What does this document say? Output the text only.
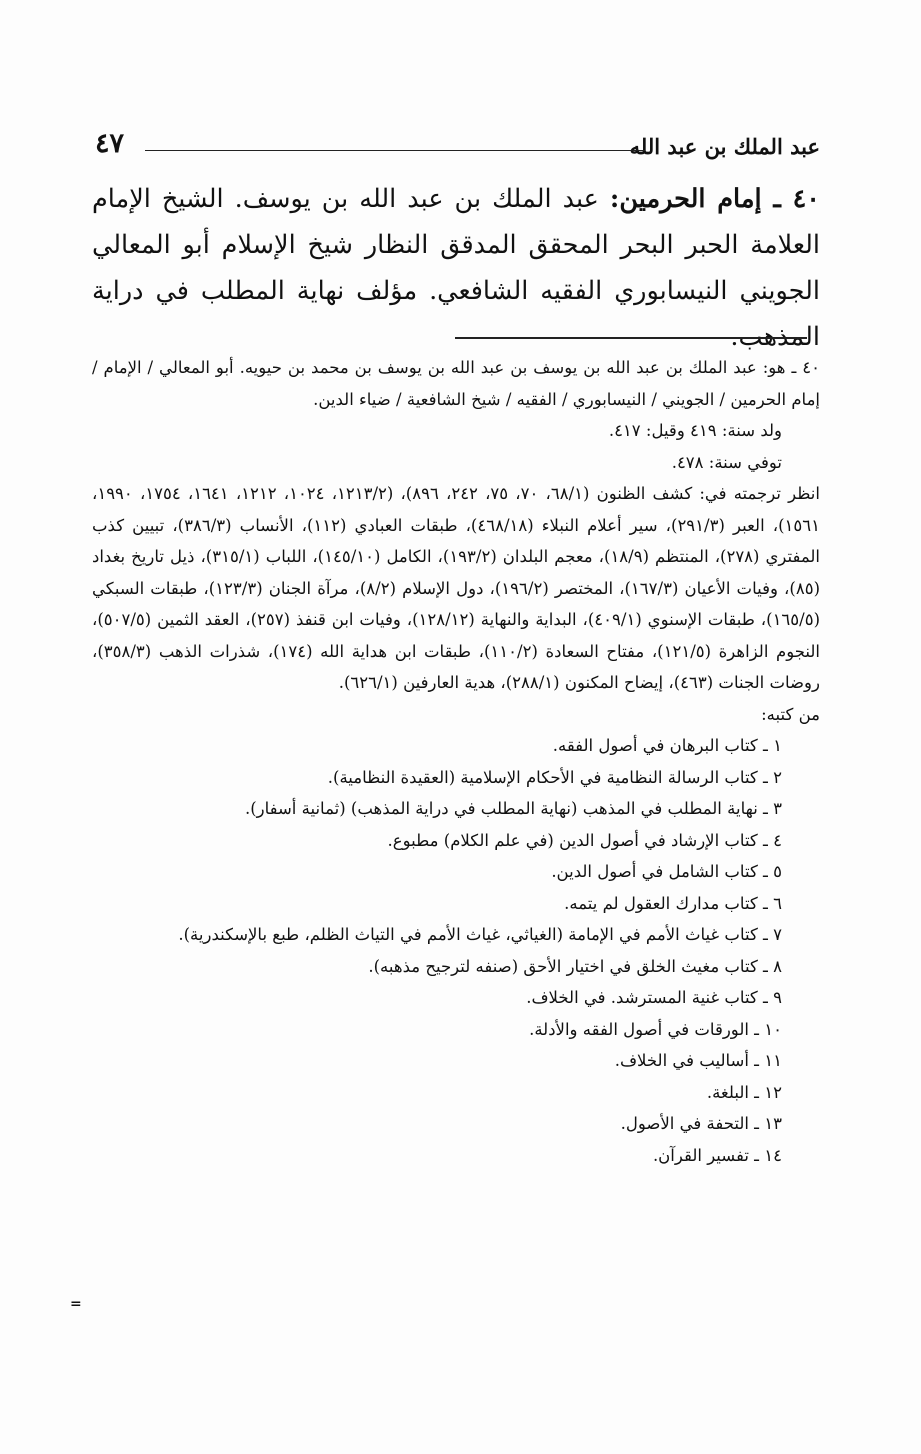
عبد الملك بن عبد الله
٤٧
٤٠ ـ إمام الحرمين: عبد الملك بن عبد الله بن يوسف. الشيخ الإمام العلامة الحبر البحر المحقق المدقق النظار شيخ الإسلام أبو المعالي الجويني النيسابوري الفقيه الشافعي. مؤلف نهاية المطلب في دراية المذهب.

٤٠ ـ هو: عبد الملك بن عبد الله بن يوسف بن عبد الله بن يوسف بن محمد بن حيويه. أبو المعالي / الإمام / إمام الحرمين / الجويني / النيسابوري / الفقيه / شيخ الشافعية / ضياء الدين.

ولد سنة: ٤١٩ وقيل: ٤١٧.

توفي سنة: ٤٧٨.

انظر ترجمته في: كشف الظنون (٦٨/١، ٧٠، ٧٥، ٢٤٢، ٨٩٦)، (١٢١٣/٢، ١٠٢٤، ١٢١٢، ١٦٤١، ١٧٥٤، ١٩٩٠، ١٥٦١)، العبر (٢٩١/٣)، سير أعلام النبلاء (٤٦٨/١٨)، طبقات العبادي (١١٢)، الأنساب (٣٨٦/٣)، تبيين كذب المفتري (٢٧٨)، المنتظم (١٨/٩)، معجم البلدان (١٩٣/٢)، الكامل (١٤٥/١٠)، اللباب (٣١٥/١)، ذيل تاريخ بغداد (٨٥)، وفيات الأعيان (١٦٧/٣)، المختصر (١٩٦/٢)، دول الإسلام (٨/٢)، مرآة الجنان (١٢٣/٣)، طبقات السبكي (١٦٥/٥)، طبقات الإسنوي (٤٠٩/١)، البداية والنهاية (١٢٨/١٢)، وفيات ابن قنفذ (٢٥٧)، العقد الثمين (٥٠٧/٥)، النجوم الزاهرة (١٢١/٥)، مفتاح السعادة (١١٠/٢)، طبقات ابن هداية الله (١٧٤)، شذرات الذهب (٣٥٨/٣)، روضات الجنات (٤٦٣)، إيضاح المكنون (٢٨٨/١)، هدية العارفين (٦٢٦/١).

من كتبه:

١ ـ كتاب البرهان في أصول الفقه.
٢ ـ كتاب الرسالة النظامية في الأحكام الإسلامية (العقيدة النظامية).
٣ ـ نهاية المطلب في المذهب (نهاية المطلب في دراية المذهب) (ثمانية أسفار).
٤ ـ كتاب الإرشاد في أصول الدين (في علم الكلام) مطبوع.
٥ ـ كتاب الشامل في أصول الدين.
٦ ـ كتاب مدارك العقول لم يتمه.
٧ ـ كتاب غياث الأمم في الإمامة (الغياثي، غياث الأمم في التياث الظلم، طبع بالإسكندرية).
٨ ـ كتاب مغيث الخلق في اختيار الأحق (صنفه لترجيح مذهبه).
٩ ـ كتاب غنية المسترشد. في الخلاف.
١٠ ـ الورقات في أصول الفقه والأدلة.
١١ ـ أساليب في الخلاف.
١٢ ـ البلغة.
١٣ ـ التحفة في الأصول.
١٤ ـ تفسير القرآن.
=
